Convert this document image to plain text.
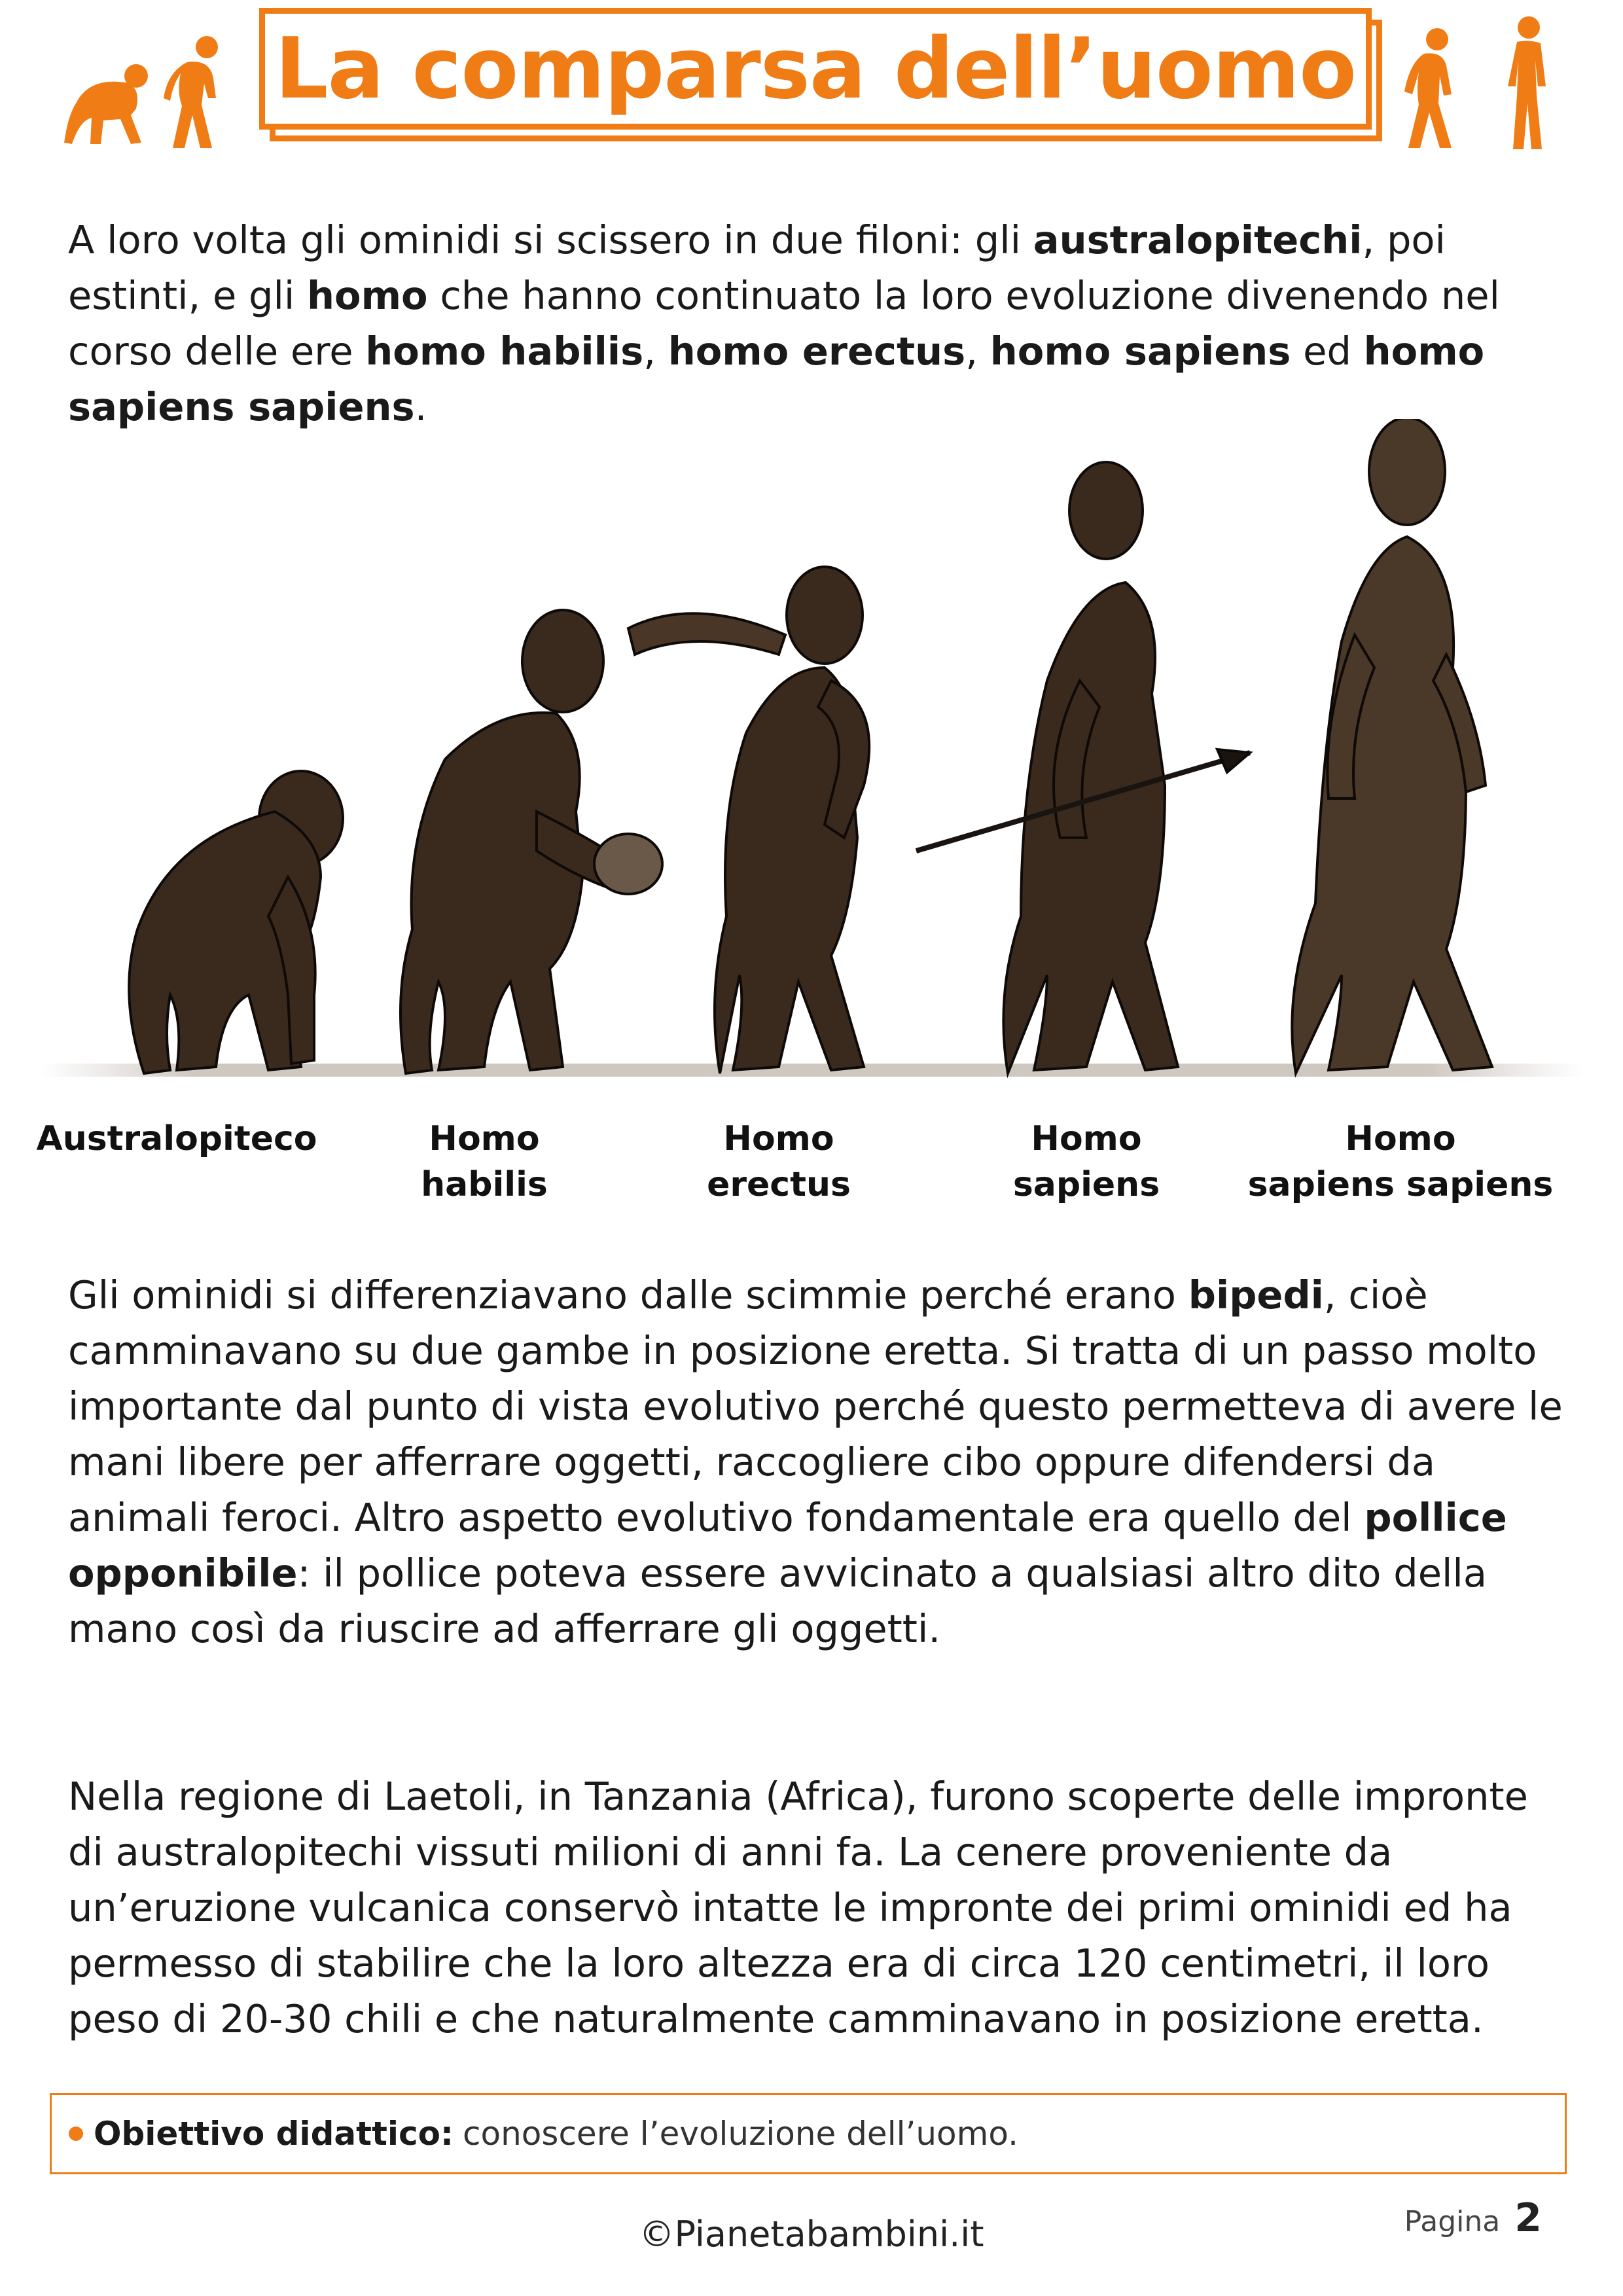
La comparsa dell’uomo
A loro volta gli ominidi si scissero in due filoni: gli australopitechi, poi estinti, e gli homo che hanno continuato la loro evoluzione divenendo nel corso delle ere homo habilis, homo erectus, homo sapiens ed homo sapiens sapiens.
Australopiteco	Homo
habilis
Homo
erectus
Homo
sapiens
Homo
sapiens sapiens
Gli ominidi si differenziavano dalle scimmie perché erano bipedi, cioè camminavano su due gambe in posizione eretta. Si tratta di un passo molto importante dal punto di vista evolutivo perché questo permetteva di avere le mani libere per afferrare oggetti, raccogliere cibo oppure difendersi da animali feroci. Altro aspetto evolutivo fondamentale era quello del pollice opponibile: il pollice poteva essere avvicinato a qualsiasi altro dito della mano così da riuscire ad afferrare gli oggetti.
Nella regione di Laetoli, in Tanzania (Africa), furono scoperte delle impronte di australopitechi vissuti milioni di anni fa. La cenere proveniente da un’eruzione vulcanica conservò intatte le impronte dei primi ominidi ed ha permesso di stabilire che la loro altezza era di circa 120 centimetri, il loro peso di 20-30 chili e che naturalmente camminavano in posizione eretta.
Obiettivo didattico: conoscere l’evoluzione dell’uomo.
©Pianetabambini.it	Pagina 2
